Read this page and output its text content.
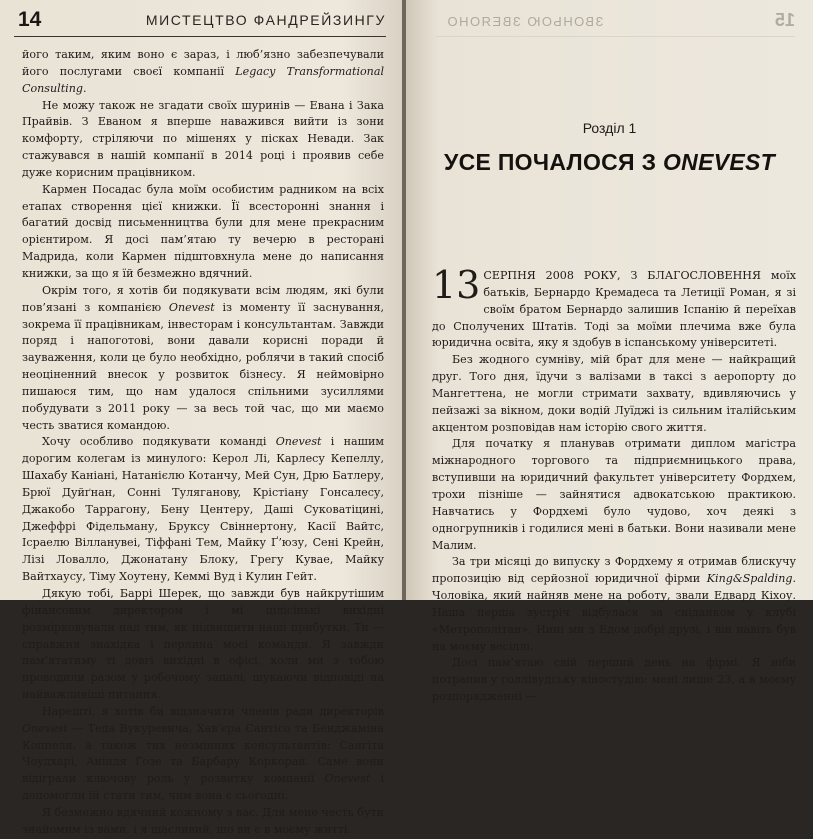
14	МИСТЕЦТВО ФАНДРЕЙЗИНГУ

його таким, яким воно є зараз, і люб’язно забезпечували його послугами своєї компанії Legacy Transformational Consulting.

Не можу також не згадати своїх шуринів — Евана і Зака Прайвів. З Еваном я вперше наважився вийти із зони комфорту, стріляючи по мішенях у пісках Невади. Зак стажувався в нашій компанії в 2014 році і проявив себе дуже корисним працівником.

Кармен Посадас була моїм особистим радником на всіх етапах створення цієї книжки. Її всесторонні знання і багатий досвід письменництва були для мене прекрасним орієнтиром. Я досі пам’ятаю ту вечерю в ресторані Мадрида, коли Кармен підштовхнула мене до написання книжки, за що я їй безмежно вдячний.

Окрім того, я хотів би подякувати всім людям, які були пов’язані з компанією Onevest із моменту її заснування, зокрема її працівникам, інвесторам і консультантам. Завжди поряд і напоготові, вони давали корисні поради й зауваження, коли це було необхідно, роблячи в такий спосіб неоціненний внесок у розвиток бізнесу. Я неймовірно пишаюся тим, що нам удалося спільними зусиллями побудувати з 2011 року — за весь той час, що ми маємо честь зватися командою.

Хочу особливо подякувати команді Onevest і нашим дорогим колегам із минулого: Керол Лі, Карлесу Кепеллу, Шахабу Каніані, Натанієлю Котанчу, Мей Сун, Дрю Батлеру, Брюї Дуйґнан, Сонні Тулягановy, Крістіану Гонсалесу, Джакобо Таррагону, Бену Центеру, Даші Суковатіцині, Джеффрі Фідельману, Бруксу Свіннертону, Касії Вайтс, Ісраелю Вілланувеі, Тіффані Тем, Майку Ґ’юзу, Сені Крейн, Лізі Ловалло, Джонатану Блоку, Грегу Кувае, Майку Вайтхаусу, Тіму Хоутену, Кеммі Вуд і Кулин Гейт.

Дякую тобі, Баррі Шерек, що завжди був найкрутішим фінансовим директором і мі цілісінькі вихідні розмірковували над тим, як підвищити наші прибутки. Ти — справжня знахідка і перлина моєї команди. Я завжди пам’ятатиму ті довгі вихідні в офісі, коли ми з тобою проводили разом у робочому запалі, шукаючи відповіді на найважливіші питання.

Нарешті, я хотів би відзначити членів ради директорів Onevest — Теда Вукуревича, Хав’єра Сантісо та Бенджаміна Коппеля, а також тих незмінних консультантів: Сангіта Чоудхарі, Аніндя Гозе та Барбару Коркоран. Саме вони відіграли ключову роль у розвитку компанії Onevest і допомогли їй стати тим, чим вона є сьогодні.

Я безмежно вдячний кожному з вас. Для мене честь бути знайомим із вами, і я щасливий, що ви є в моєму житті.

ЗВОНЬОЮ ЗВЕЯОНО	15
Розділ 1
УСЕ ПОЧАЛОСЯ З ONEVEST

13 СЕРПНЯ 2008 РОКУ, З БЛАГОСЛОВЕННЯ моїх батьків, Бернардо Кремадеса та Летиції Роман, я зі своїм братом Бернардо залишив Іспанію й переїхав до Сполучених Штатів. Тоді за моїми плечима вже була юридична освіта, яку я здобув в іспанському університеті.

Без жодного сумніву, мій брат для мене — найкращий друг. Того дня, їдучи з валізами в таксі з аеропорту до Мангеттена, не могли стримати захвату, вдивляючись у пейзажі за вікном, доки водій Луїджі із сильним італійським акцентом розповідав нам історію свого життя.

Для початку я планував отримати диплом магістра міжнародного торгового та підприємницького права, вступивши на юридичний факультет університету Фордхем, трохи пізніше — зайнятися адвокатською практикою. Навчатись у Фордхемі було чудово, хоч деякі з одногрупників і годилися мені в батьки. Вони називали мене Малим.

За три місяці до випуску з Фордхему я отримав блискучу пропозицію від серйозної юридичної фірми King&Spalding. Чоловіка, який найняв мене на роботу, звали Едвард Кіхоу. Наша перша зустріч відбулася за сніданком у клубі «Метрополітан». Нині ми з Едом добрі друзі, і він навіть був на моєму весіллі.

Досі пам’ятаю свій перший день на фірмі. Я ніби потрапив у голлівудську кіностудію: мені лише 23, а в моєму розпорядженні —
